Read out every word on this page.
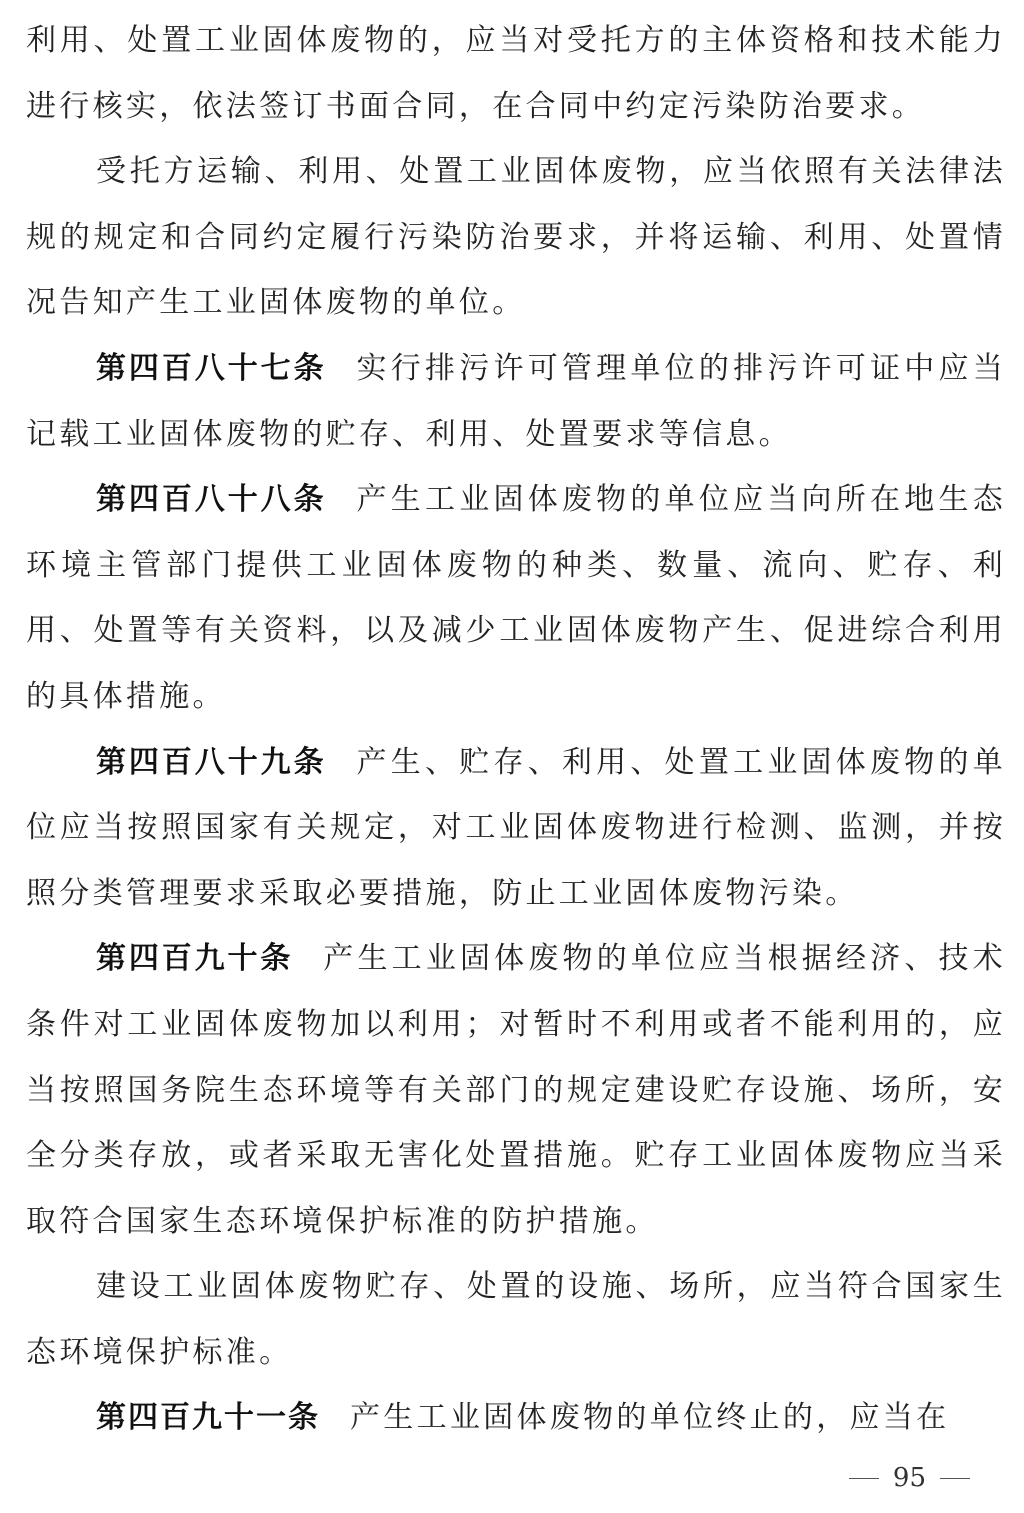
利用、处置工业固体废物的，应当对受托方的主体资格和技术能力进行核实，依法签订书面合同，在合同中约定污染防治要求。

受托方运输、利用、处置工业固体废物，应当依照有关法律法规的规定和合同约定履行污染防治要求，并将运输、利用、处置情况告知产生工业固体废物的单位。

第四百八十七条 实行排污许可管理单位的排污许可证中应当记载工业固体废物的贮存、利用、处置要求等信息。

第四百八十八条 产生工业固体废物的单位应当向所在地生态环境主管部门提供工业固体废物的种类、数量、流向、贮存、利用、处置等有关资料，以及减少工业固体废物产生、促进综合利用的具体措施。

第四百八十九条 产生、贮存、利用、处置工业固体废物的单位应当按照国家有关规定，对工业固体废物进行检测、监测，并按照分类管理要求采取必要措施，防止工业固体废物污染。

第四百九十条 产生工业固体废物的单位应当根据经济、技术条件对工业固体废物加以利用；对暂时不利用或者不能利用的，应当按照国务院生态环境等有关部门的规定建设贮存设施、场所，安全分类存放，或者采取无害化处置措施。贮存工业固体废物应当采取符合国家生态环境保护标准的防护措施。

建设工业固体废物贮存、处置的设施、场所，应当符合国家生态环境保护标准。

第四百九十一条 产生工业固体废物的单位终止的，应当在

95
